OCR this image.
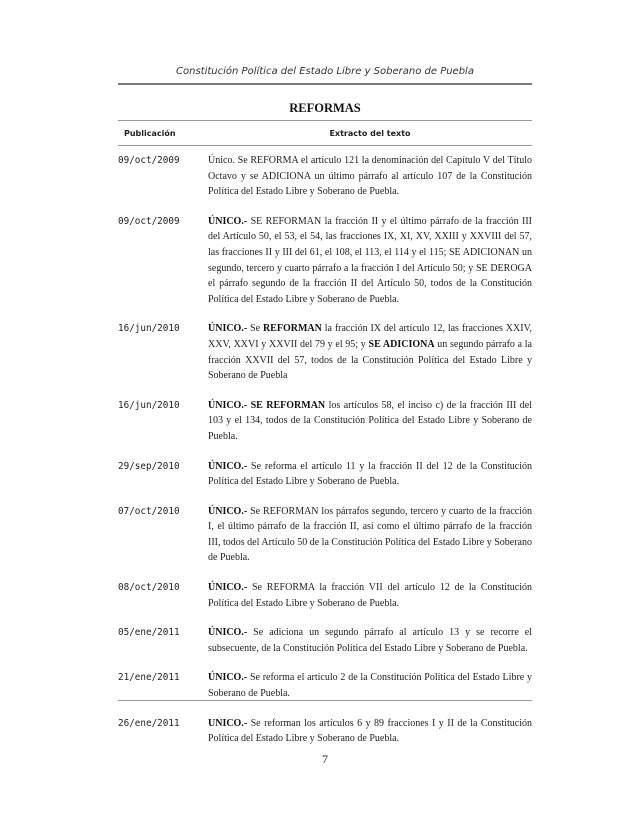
Constitución Política del Estado Libre y Soberano de Puebla
REFORMAS
Publicación	Extracto del texto
09/oct/2009	Único. Se REFORMA el artículo 121 la denominación del Capítulo V del Título Octavo y se ADICIONA un último párrafo al artículo 107 de la Constitución Política del Estado Libre y Soberano de Puebla.
09/oct/2009	ÚNICO.- SE REFORMAN la fracción II y el último párrafo de la fracción III del Artículo 50, el 53, el 54, las fracciones IX, XI, XV, XXIII y XXVIII del 57, las fracciones II y III del 61, el 108, el 113, el 114 y el 115; SE ADICIONAN un segundo, tercero y cuarto párrafo a la fracción I del Artículo 50; y SE DEROGA el párrafo segundo de la fracción II del Artículo 50, todos de la Constitución Política del Estado Libre y Soberano de Puebla.
16/jun/2010	ÚNICO.- Se REFORMAN la fracción IX del artículo 12, las fracciones XXIV, XXV, XXVI y XXVII del 79 y el 95; y SE ADICIONA un segundo párrafo a la fracción XXVII del 57, todos de la Constitución Política del Estado Libre y Soberano de Puebla
16/jun/2010	ÚNICO.- SE REFORMAN los artículos 58, el inciso c) de la fracción III del 103 y el 134, todos de la Constitución Política del Estado Libre y Soberano de Puebla.
29/sep/2010	ÚNICO.- Se reforma el artículo 11 y la fracción II del 12 de la Constitución Política del Estado Libre y Soberano de Puebla.
07/oct/2010	ÚNICO.- Se REFORMAN los párrafos segundo, tercero y cuarto de la fracción I, el último párrafo de la fracción II, así como el último párrafo de la fracción III, todos del Artículo 50 de la Constitución Política del Estado Libre y Soberano de Puebla.
08/oct/2010	ÚNICO.- Se REFORMA la fracción VII del artículo 12 de la Constitución Política del Estado Libre y Soberano de Puebla.
05/ene/2011	ÚNICO.- Se adiciona un segundo párrafo al artículo 13 y se recorre el subsecuente, de la Constitución Política del Estado Libre y Soberano de Puebla.
21/ene/2011	ÚNICO.- Se reforma el artículo 2 de la Constitución Política del Estado Libre y Soberano de Puebla.
26/ene/2011	UNICO.- Se reforman los artículos 6 y 89 fracciones I y II de la Constitución Política del Estado Libre y Soberano de Puebla.
7
